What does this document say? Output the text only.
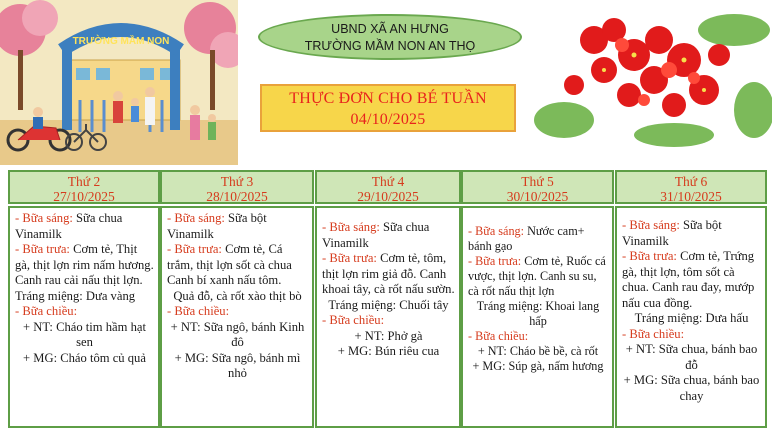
TRƯỜNG MẦM NON
UBND XÃ AN HƯNG
TRƯỜNG MẦM NON AN THỌ
THỰC ĐƠN CHO BÉ TUẦN
04/10/2025
Thứ 2
27/10/2025

- Bữa sáng: Sữa chua Vinamilk

- Bữa trưa: Cơm tẻ, Thịt gà, thịt lợn rim nấm hương. Canh rau cải nấu thịt lợn.

Tráng miệng: Dưa vàng

- Bữa chiều:

+ NT: Cháo tim hầm hạt sen

+ MG: Cháo tôm củ quả

Thứ 3
28/10/2025

- Bữa sáng: Sữa bột Vinamilk

- Bữa trưa: Cơm tẻ, Cá trắm, thịt lợn sốt cà chua Canh bí xanh nấu tôm.

Quả đỗ, cà rốt xào thịt bò

- Bữa chiều:

+ NT: Sữa ngô, bánh Kinh đô

+ MG: Sữa ngô, bánh mì nhỏ

Thứ 4
29/10/2025

- Bữa sáng: Sữa chua Vinamilk

- Bữa trưa: Cơm tẻ, tôm, thịt lợn rim giả đỗ. Canh khoai tây, cà rốt nấu sườn.

Tráng miệng: Chuối tây

- Bữa chiều:

+ NT: Phở gà

+ MG: Bún riêu cua

Thứ 5
30/10/2025

- Bữa sáng: Nước cam+ bánh gạo

- Bữa trưa: Cơm tẻ, Ruốc cá vược, thịt lợn. Canh su su, cà rốt nấu thịt lợn

Tráng miệng: Khoai lang hấp

- Bữa chiều:

+ NT: Cháo bề bề, cà rốt

+ MG: Súp gà, nấm hương

Thứ 6
31/10/2025

- Bữa sáng: Sữa bột Vinamilk

- Bữa trưa: Cơm tẻ, Trứng gà, thịt lợn, tôm sốt cà chua. Canh rau đay, mướp nấu cua đồng.

Tráng miệng: Dưa hấu

- Bữa chiều:

+ NT: Sữa chua, bánh bao đỗ

+ MG: Sữa chua, bánh bao chay
